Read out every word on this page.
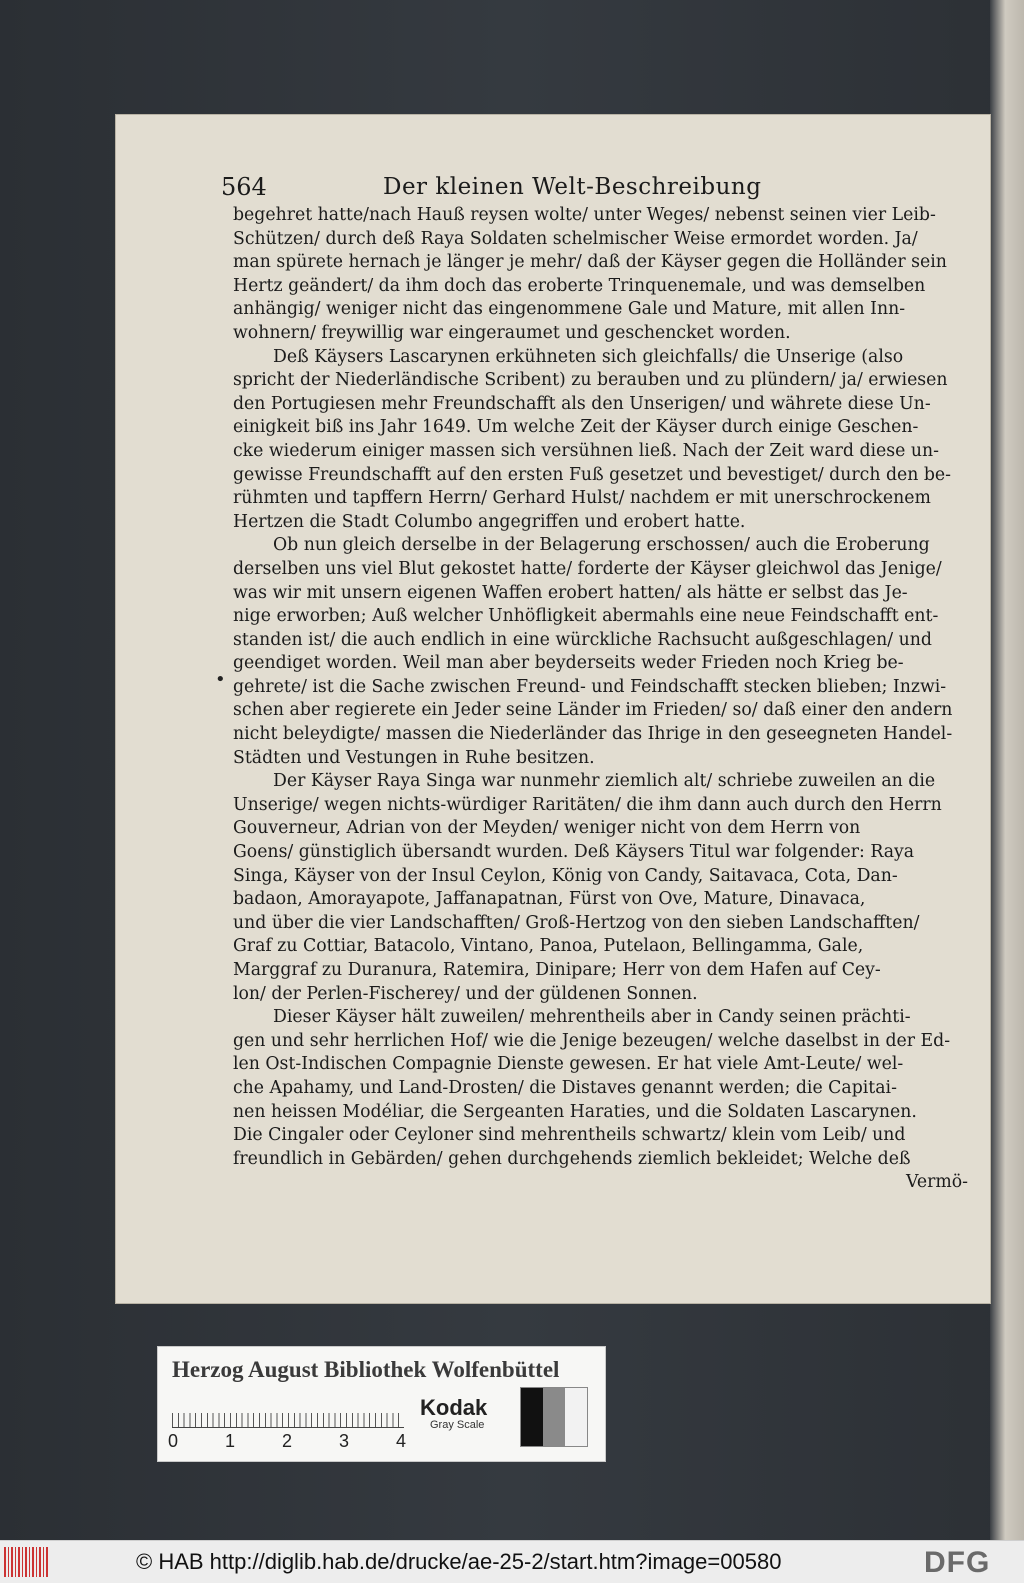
•
564	Der kleinen Welt-Beschreibung
begehret hatte/nach Hauß reysen wolte/ unter Weges/ nebenst seinen vier Leib-
Schützen/ durch deß Raya Soldaten schelmischer Weise ermordet worden. Ja/
man spürete hernach je länger je mehr/ daß der Käyser gegen die Holländer sein
Hertz geändert/ da ihm doch das eroberte Trinquenemale, und was demselben
anhängig/ weniger nicht das eingenommene Gale und Mature, mit allen Inn-
wohnern/ freywillig war eingeraumet und geschencket worden.
Deß Käysers Lascarynen erkühneten sich gleichfalls/ die Unserige (also
spricht der Niederländische Scribent) zu berauben und zu plündern/ ja/ erwiesen
den Portugiesen mehr Freundschafft als den Unserigen/ und währete diese Un-
einigkeit biß ins Jahr 1649. Um welche Zeit der Käyser durch einige Geschen-
cke wiederum einiger massen sich versühnen ließ. Nach der Zeit ward diese un-
gewisse Freundschafft auf den ersten Fuß gesetzet und bevestiget/ durch den be-
rühmten und tapffern Herrn/ Gerhard Hulst/ nachdem er mit unerschrockenem
Hertzen die Stadt Columbo angegriffen und erobert hatte.
Ob nun gleich derselbe in der Belagerung erschossen/ auch die Eroberung
derselben uns viel Blut gekostet hatte/ forderte der Käyser gleichwol das Jenige/
was wir mit unsern eigenen Waffen erobert hatten/ als hätte er selbst das Je-
nige erworben; Auß welcher Unhöfligkeit abermahls eine neue Feindschafft ent-
standen ist/ die auch endlich in eine würckliche Rachsucht außgeschlagen/ und
geendiget worden. Weil man aber beyderseits weder Frieden noch Krieg be-
gehrete/ ist die Sache zwischen Freund- und Feindschafft stecken blieben; Inzwi-
schen aber regierete ein Jeder seine Länder im Frieden/ so/ daß einer den andern
nicht beleydigte/ massen die Niederländer das Ihrige in den geseegneten Handel-
Städten und Vestungen in Ruhe besitzen.
Der Käyser Raya Singa war nunmehr ziemlich alt/ schriebe zuweilen an die
Unserige/ wegen nichts-würdiger Raritäten/ die ihm dann auch durch den Herrn
Gouverneur, Adrian von der Meyden/ weniger nicht von dem Herrn von
Goens/ günstiglich übersandt wurden. Deß Käysers Titul war folgender: Raya
Singa, Käyser von der Insul Ceylon, König von Candy, Saitavaca, Cota, Dan-
badaon, Amorayapote, Jaffanapatnan, Fürst von Ove, Mature, Dinavaca,
und über die vier Landschafften/ Groß-Hertzog von den sieben Landschafften/
Graf zu Cottiar, Batacolo, Vintano, Panoa, Putelaon, Bellingamma, Gale,
Marggraf zu Duranura, Ratemira, Dinipare; Herr von dem Hafen auf Cey-
lon/ der Perlen-Fischerey/ und der güldenen Sonnen.
Dieser Käyser hält zuweilen/ mehrentheils aber in Candy seinen prächti-
gen und sehr herrlichen Hof/ wie die Jenige bezeugen/ welche daselbst in der Ed-
len Ost-Indischen Compagnie Dienste gewesen. Er hat viele Amt-Leute/ wel-
che Apahamy, und Land-Drosten/ die Distaves genannt werden; die Capitai-
nen heissen Modéliar, die Sergeanten Haraties, und die Soldaten Lascarynen.
Die Cingaler oder Ceyloner sind mehrentheils schwartz/ klein vom Leib/ und
freundlich in Gebärden/ gehen durchgehends ziemlich bekleidet; Welche deß
Vermö-
Herzog August Bibliothek Wolfenbüttel
0	1	2	3	4
Kodak
Gray Scale
© HAB http://diglib.hab.de/drucke/ae-25-2/start.htm?image=00580	DFG
